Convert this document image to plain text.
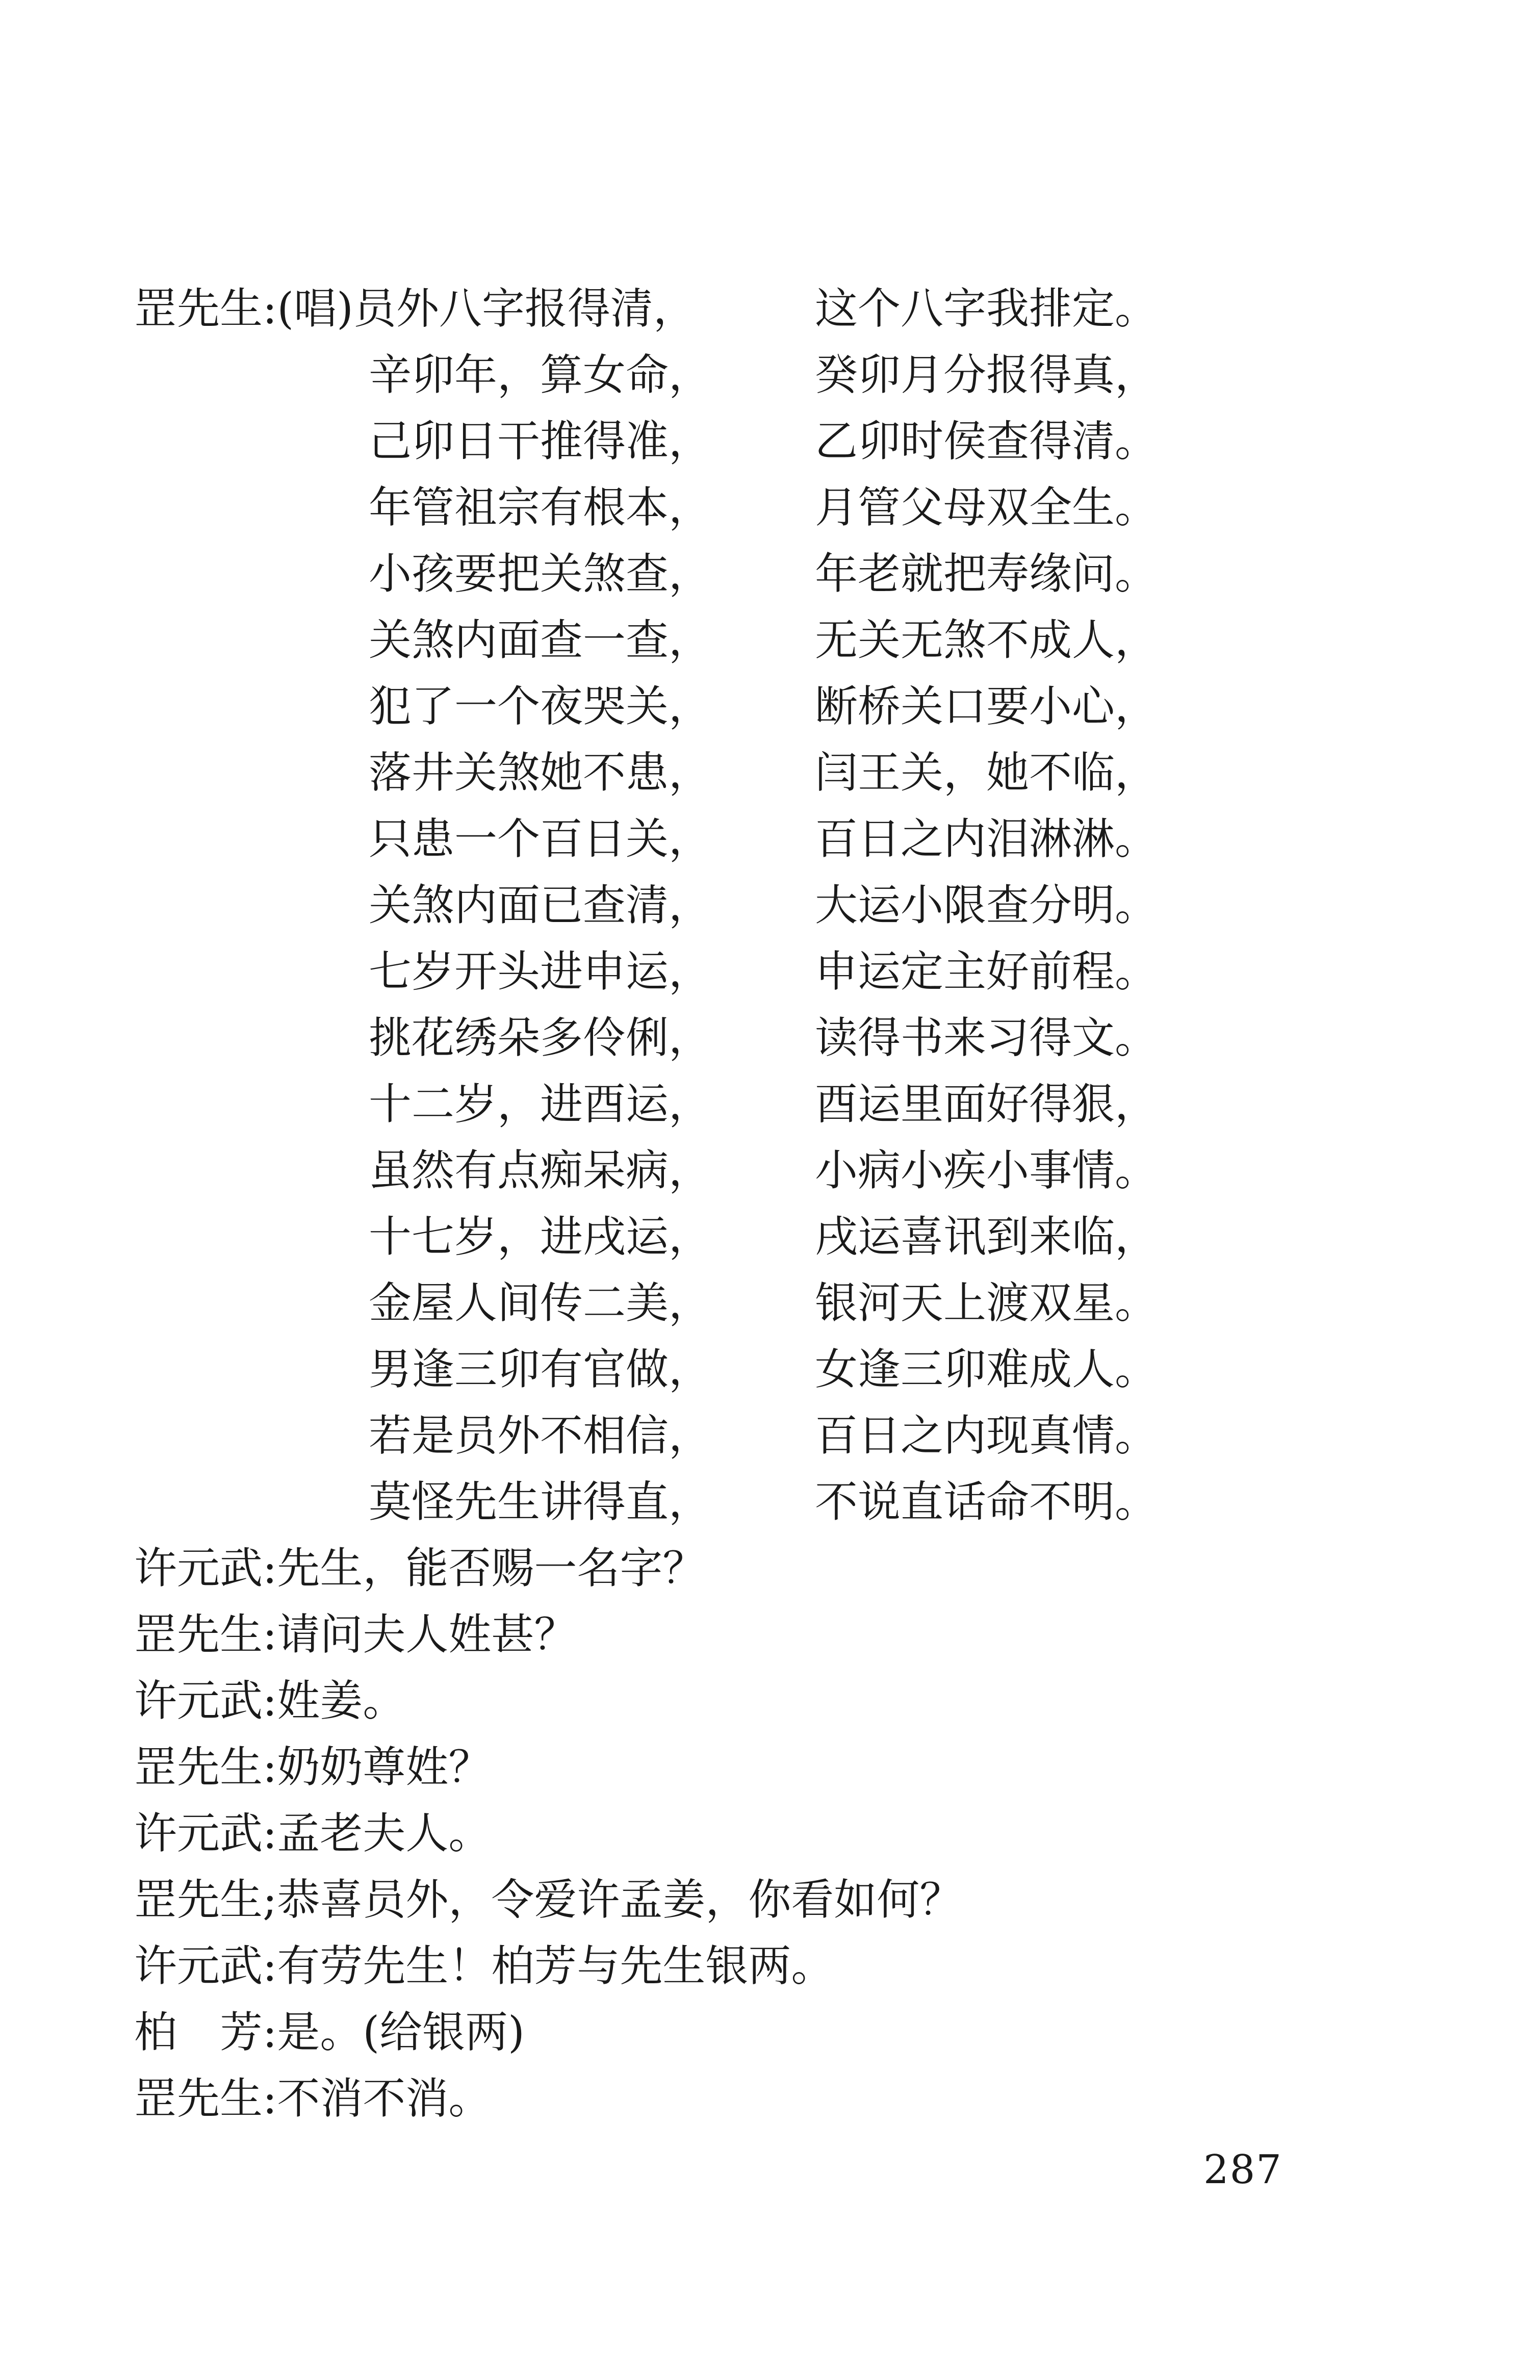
罡先生:(唱)员外八字报得清，	这个八字我排定。
辛卯年，算女命， 癸卯月分报得真，
己卯日干推得准， 乙卯时侯查得清。
年管祖宗有根本， 月管父母双全生。
小孩要把关煞查， 年老就把寿缘问。
关煞内面查一查， 无关无煞不成人，
犯了一个夜哭关， 断桥关口要小心，
落井关煞她不患， 闫王关，她不临，
只患一个百日关， 百日之内泪淋淋。
关煞内面已查清， 大运小限查分明。
七岁开头进申运， 申运定主好前程。
挑花绣朵多伶俐， 读得书来习得文。
十二岁，进酉运， 酉运里面好得狠，
虽然有点痴呆病， 小病小疾小事情。
十七岁，进戌运， 戌运喜讯到来临，
金屋人间传二美， 银河天上渡双星。
男逢三卯有官做， 女逢三卯难成人。
若是员外不相信， 百日之内现真情。
莫怪先生讲得直， 不说直话命不明。
许元武:先生，能否赐一名字？
罡先生:请问夫人姓甚？
许元武:姓姜。
罡先生:奶奶尊姓？
许元武:孟老夫人。
罡先生;恭喜员外，令爱许孟姜，你看如何？
许元武:有劳先生！柏芳与先生银两。
柏　芳:是。(给银两)
罡先生:不消不消。
287
